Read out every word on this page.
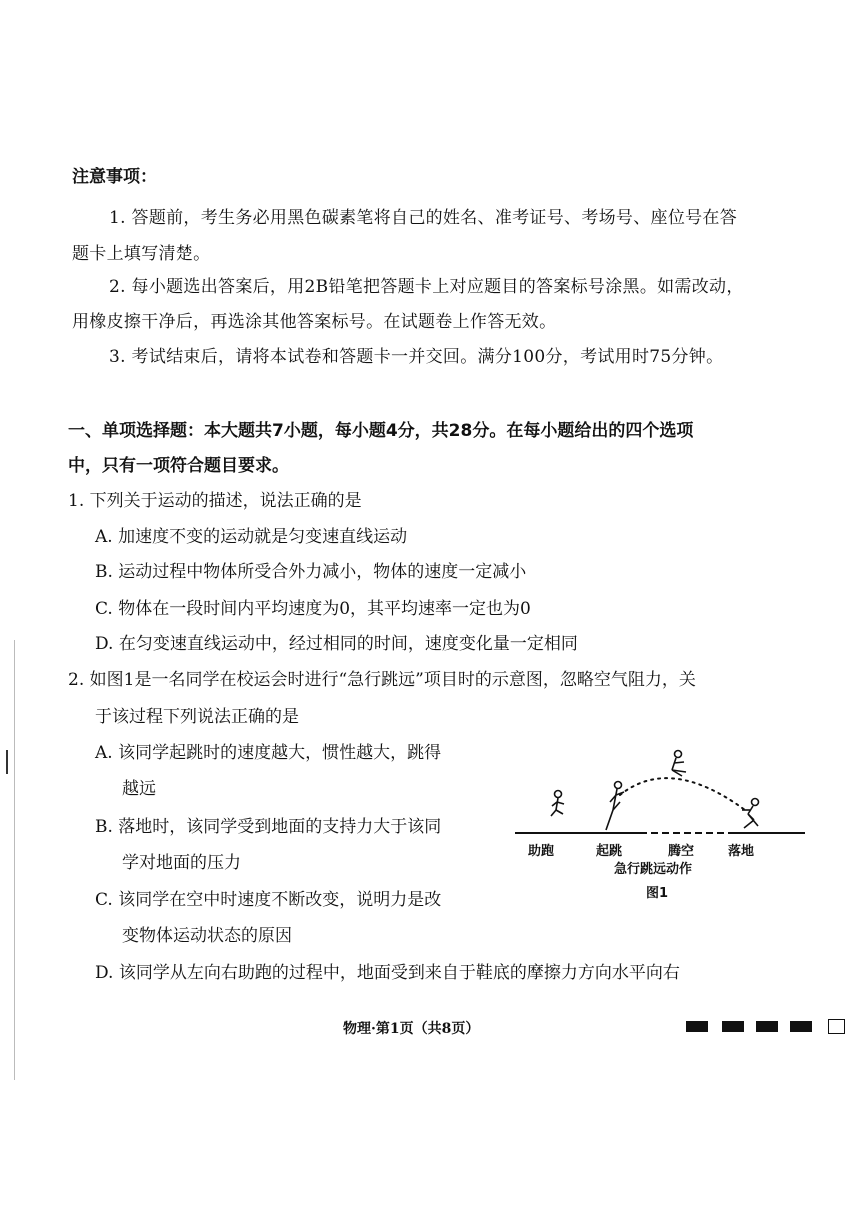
注意事项：
1. 答题前，考生务必用黑色碳素笔将自己的姓名、准考证号、考场号、座位号在答
题卡上填写清楚。
2. 每小题选出答案后，用2B铅笔把答题卡上对应题目的答案标号涂黑。如需改动，
用橡皮擦干净后，再选涂其他答案标号。在试题卷上作答无效。
3. 考试结束后，请将本试卷和答题卡一并交回。满分100分，考试用时75分钟。
一、单项选择题：本大题共7小题，每小题4分，共28分。在每小题给出的四个选项
中，只有一项符合题目要求。
1. 下列关于运动的描述，说法正确的是
A. 加速度不变的运动就是匀变速直线运动
B. 运动过程中物体所受合外力减小，物体的速度一定减小
C. 物体在一段时间内平均速度为0，其平均速率一定也为0
D. 在匀变速直线运动中，经过相同的时间，速度变化量一定相同
2. 如图1是一名同学在校运会时进行“急行跳远”项目时的示意图，忽略空气阻力，关
于该过程下列说法正确的是
A. 该同学起跳时的速度越大，惯性越大，跳得
越远
B. 落地时，该同学受到地面的支持力大于该同
学对地面的压力
C. 该同学在空中时速度不断改变，说明力是改
变物体运动状态的原因
D. 该同学从左向右助跑的过程中，地面受到来自于鞋底的摩擦力方向水平向右
助跑	起跳	腾空	落地
急行跳远动作
图1
物理·第1页（共8页）
